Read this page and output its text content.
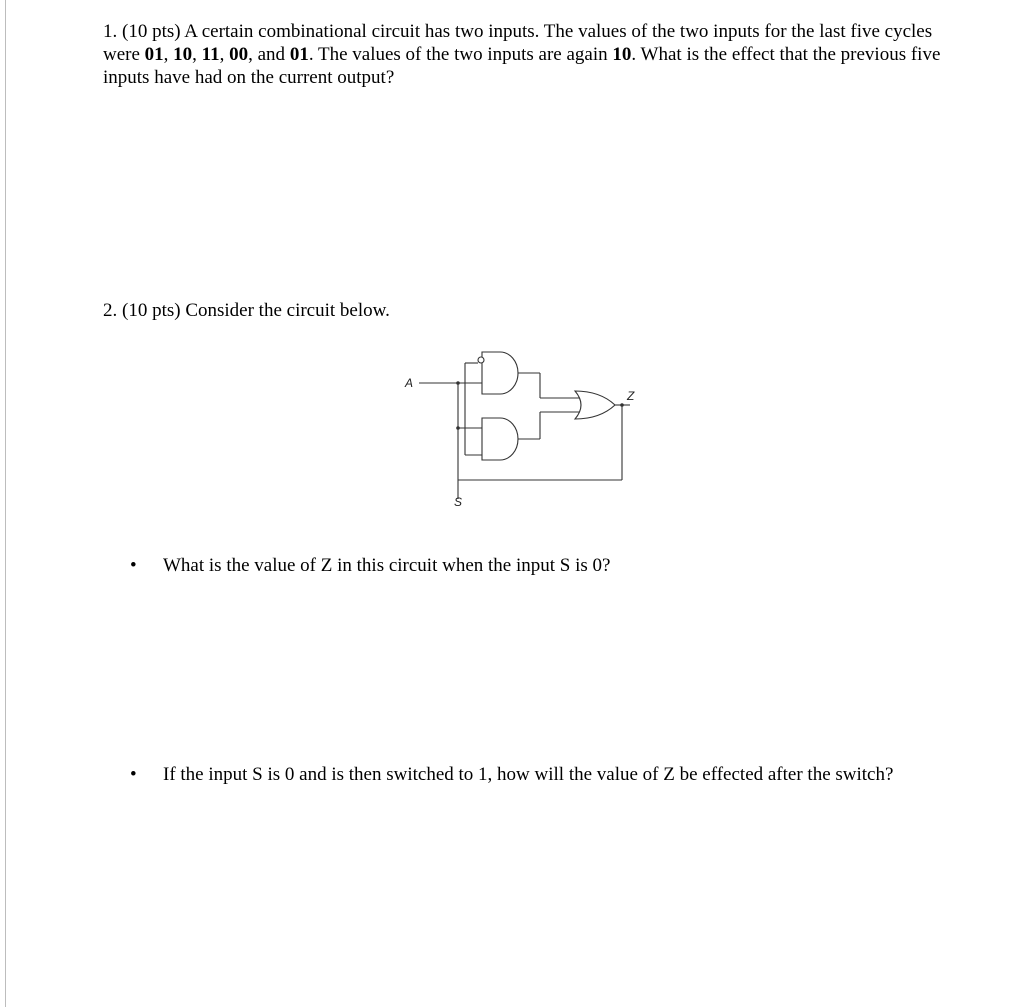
1. (10 pts) A certain combinational circuit has two inputs. The values of the two inputs for the last five cycles were 01, 10, 11, 00, and 01. The values of the two inputs are again 10. What is the effect that the previous five inputs have had on the current output?
2. (10 pts) Consider the circuit below.
A
Z
S
•	What is the value of Z in this circuit when the input S is 0?
•	If the input S is 0 and is then switched to 1, how will the value of Z be effected after the switch?
